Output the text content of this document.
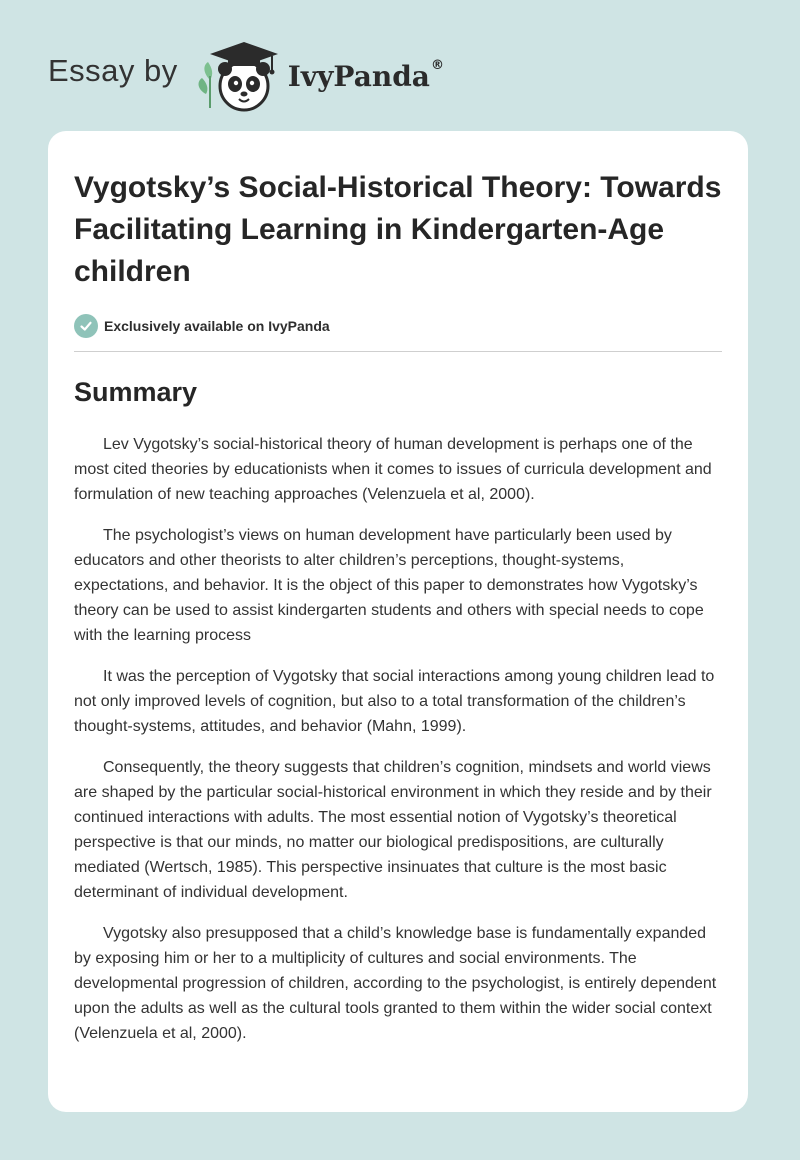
Essay by	IvyPanda®
Vygotsky’s Social-Historical Theory: Towards Facilitating Learning in Kindergarten-Age children
Exclusively available on IvyPanda
Summary

Lev Vygotsky’s social-historical theory of human development is perhaps one of the most cited theories by educationists when it comes to issues of curricula development and formulation of new teaching approaches (Velenzuela et al, 2000).

The psychologist’s views on human development have particularly been used by educators and other theorists to alter children’s perceptions, thought-systems, expectations, and behavior. It is the object of this paper to demonstrates how Vygotsky’s theory can be used to assist kindergarten students and others with special needs to cope with the learning process

It was the perception of Vygotsky that social interactions among young children lead to not only improved levels of cognition, but also to a total transformation of the children’s thought-systems, attitudes, and behavior (Mahn, 1999).

Consequently, the theory suggests that children’s cognition, mindsets and world views are shaped by the particular social-historical environment in which they reside and by their continued interactions with adults. The most essential notion of Vygotsky’s theoretical perspective is that our minds, no matter our biological predispositions, are culturally mediated (Wertsch, 1985). This perspective insinuates that culture is the most basic determinant of individual development.

Vygotsky also presupposed that a child’s knowledge base is fundamentally expanded by exposing him or her to a multiplicity of cultures and social environments. The developmental progression of children, according to the psychologist, is entirely dependent upon the adults as well as the cultural tools granted to them within the wider social context (Velenzuela et al, 2000).
